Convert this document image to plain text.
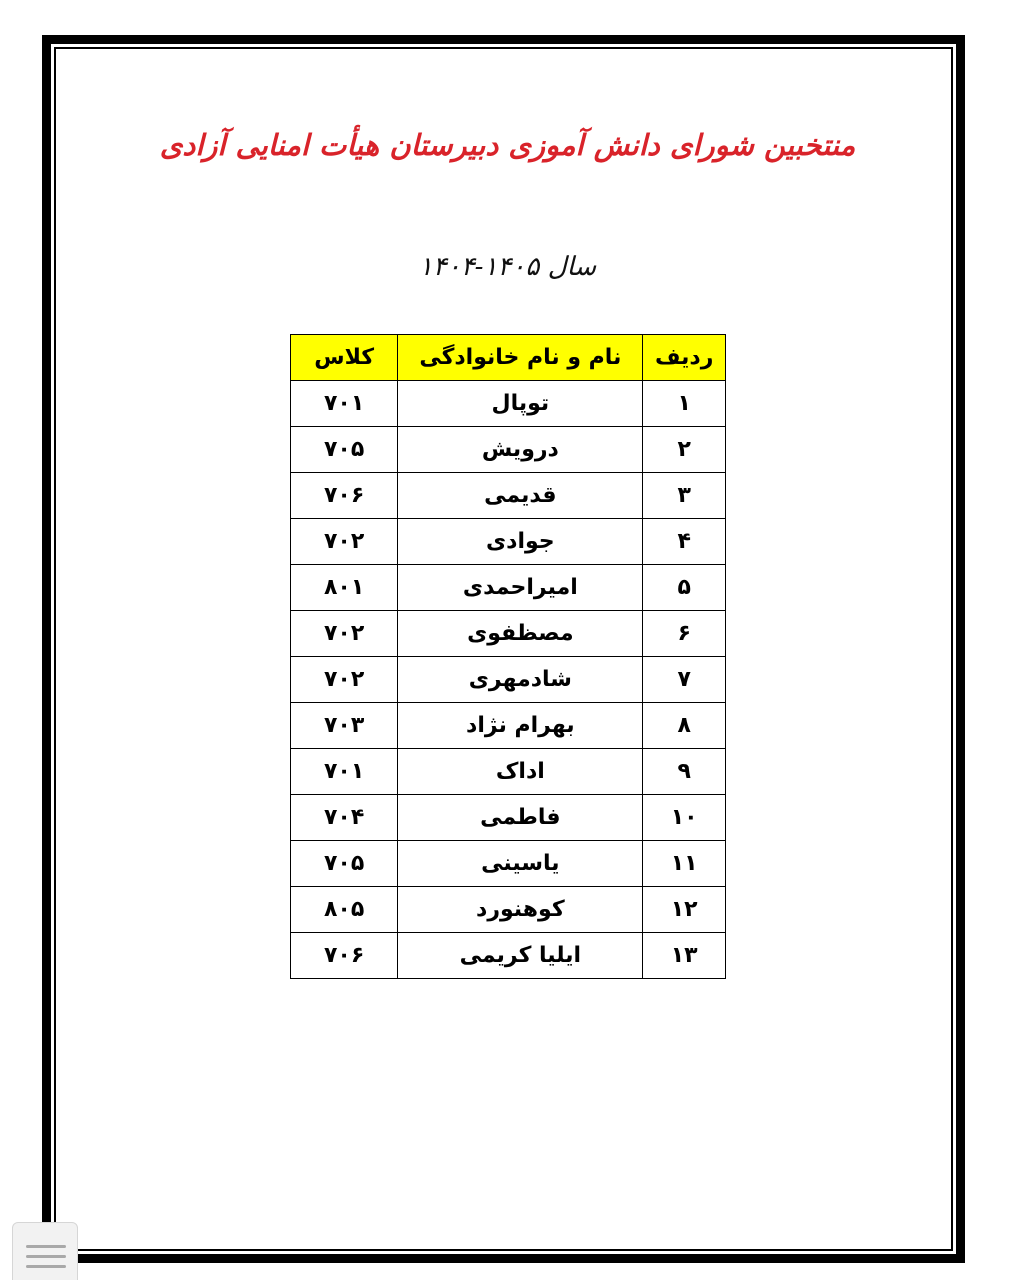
منتخبین شورای دانش آموزی دبیرستان هیأت امنایی آزادی
سال ۱۴۰۵-۱۴۰۴
ردیف	نام و نام خانوادگی	کلاس
۱	توپال	۷۰۱
۲	درویش	۷۰۵
۳	قدیمی	۷۰۶
۴	جوادی	۷۰۲
۵	امیراحمدی	۸۰۱
۶	مصظفوی	۷۰۲
۷	شادمهری	۷۰۲
۸	بهرام نژاد	۷۰۳
۹	اداک	۷۰۱
۱۰	فاطمی	۷۰۴
۱۱	یاسینی	۷۰۵
۱۲	کوهنورد	۸۰۵
۱۳	ایلیا کریمی	۷۰۶
